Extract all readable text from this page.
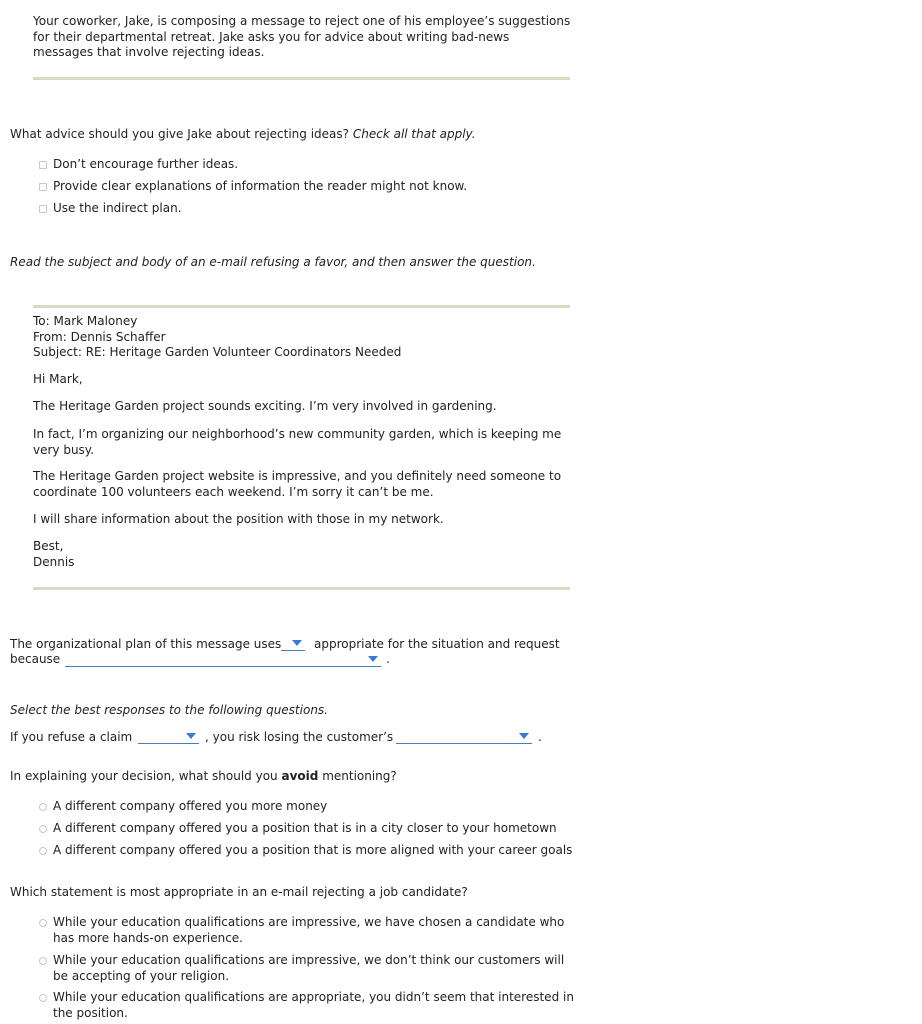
Your coworker, Jake, is composing a message to reject one of his employee’s suggestions for their departmental retreat. Jake asks you for advice about writing bad-news messages that involve rejecting ideas.
What advice should you give Jake about rejecting ideas? Check all that apply.
Don’t encourage further ideas.
Provide clear explanations of information the reader might not know.
Use the indirect plan.
Read the subject and body of an e-mail refusing a favor, and then answer the question.
To: Mark Maloney
From: Dennis Schaffer
Subject: RE: Heritage Garden Volunteer Coordinators Needed
Hi Mark,
The Heritage Garden project sounds exciting. I’m very involved in gardening.
In fact, I’m organizing our neighborhood’s new community garden, which is keeping me very busy.
The Heritage Garden project website is impressive, and you definitely need someone to coordinate 100 volunteers each weekend. I’m sorry it can’t be me.
I will share information about the position with those in my network.
Best,
Dennis
The organizational plan of this message uses	appropriate for the situation and request
because	.
Select the best responses to the following questions.
If you refuse a claim	, you risk losing the customer’s	.
In explaining your decision, what should you avoid mentioning?
A different company offered you more money
A different company offered you a position that is in a city closer to your hometown
A different company offered you a position that is more aligned with your career goals
Which statement is most appropriate in an e-mail rejecting a job candidate?
While your education qualifications are impressive, we have chosen a candidate who has more hands-on experience.
While your education qualifications are impressive, we don’t think our customers will be accepting of your religion.
While your education qualifications are appropriate, you didn’t seem that interested in the position.
